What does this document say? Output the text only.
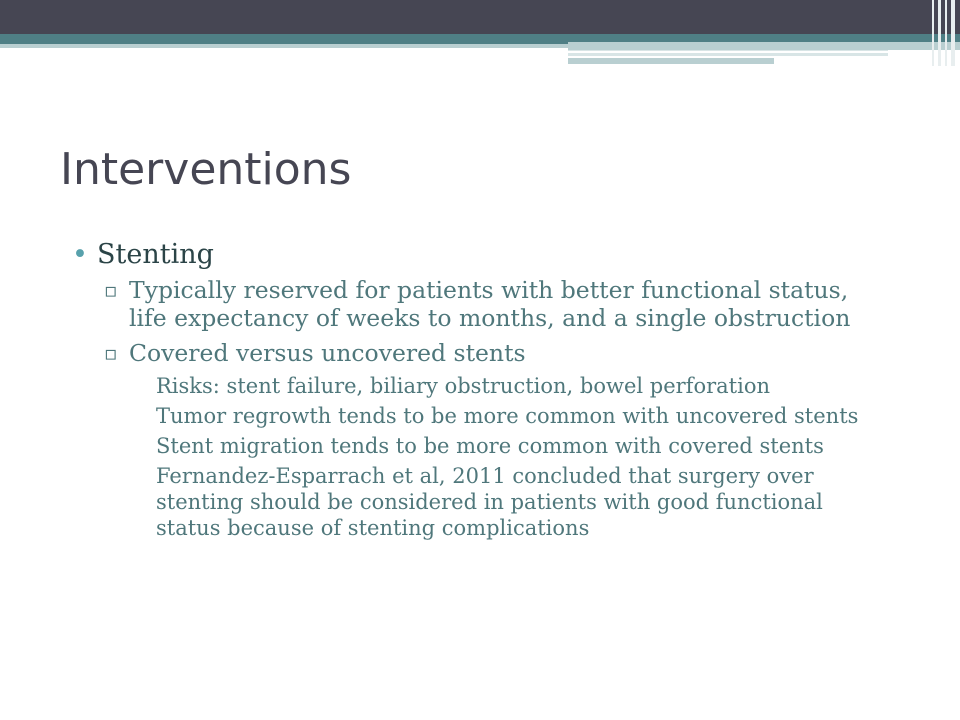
Interventions
• Stenting
▫ Typically reserved for patients with better functional status, life expectancy of weeks to months, and a single obstruction
▫ Covered versus uncovered stents
Risks: stent failure, biliary obstruction, bowel perforation
Tumor regrowth tends to be more common with uncovered stents
Stent migration tends to be more common with covered stents
Fernandez-Esparrach et al, 2011 concluded that surgery over stenting should be considered in patients with good functional status because of stenting complications
